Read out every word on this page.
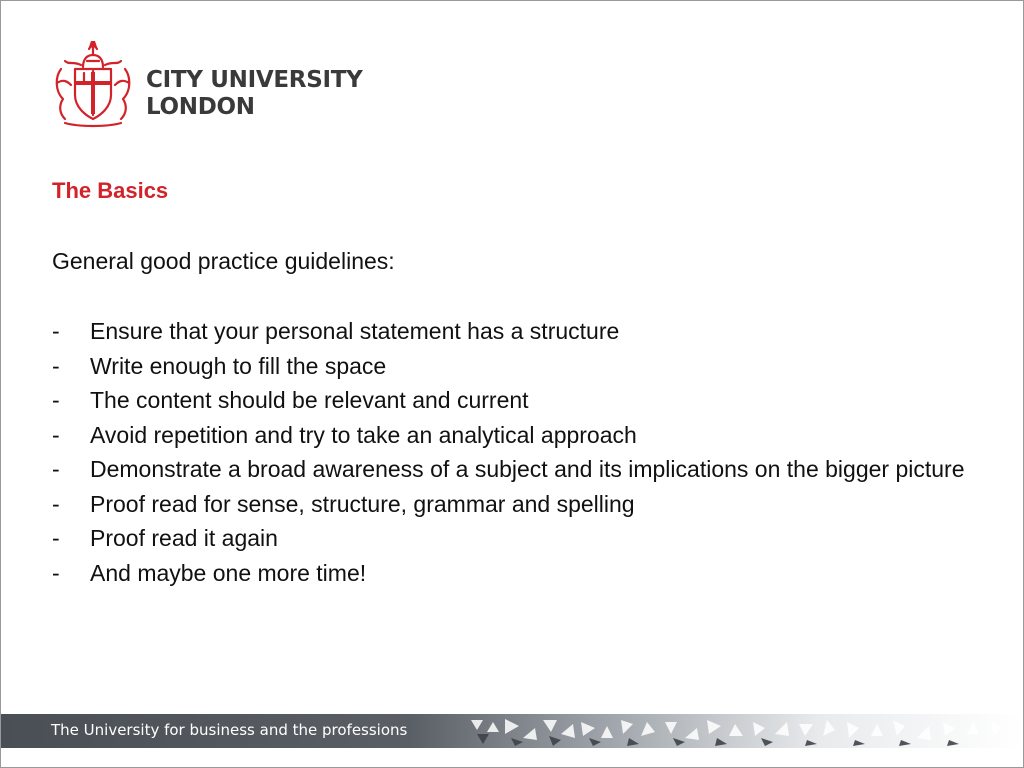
CITY UNIVERSITY
LONDON
The Basics
General good practice guidelines:
- Ensure that your personal statement has a structure
- Write enough to fill the space
- The content should be relevant and current
- Avoid repetition and try to take an analytical approach
- Demonstrate a broad awareness of a subject and its implications on the bigger picture
- Proof read for sense, structure, grammar and spelling
- Proof read it again
- And maybe one more time!
The University for business and the professions
